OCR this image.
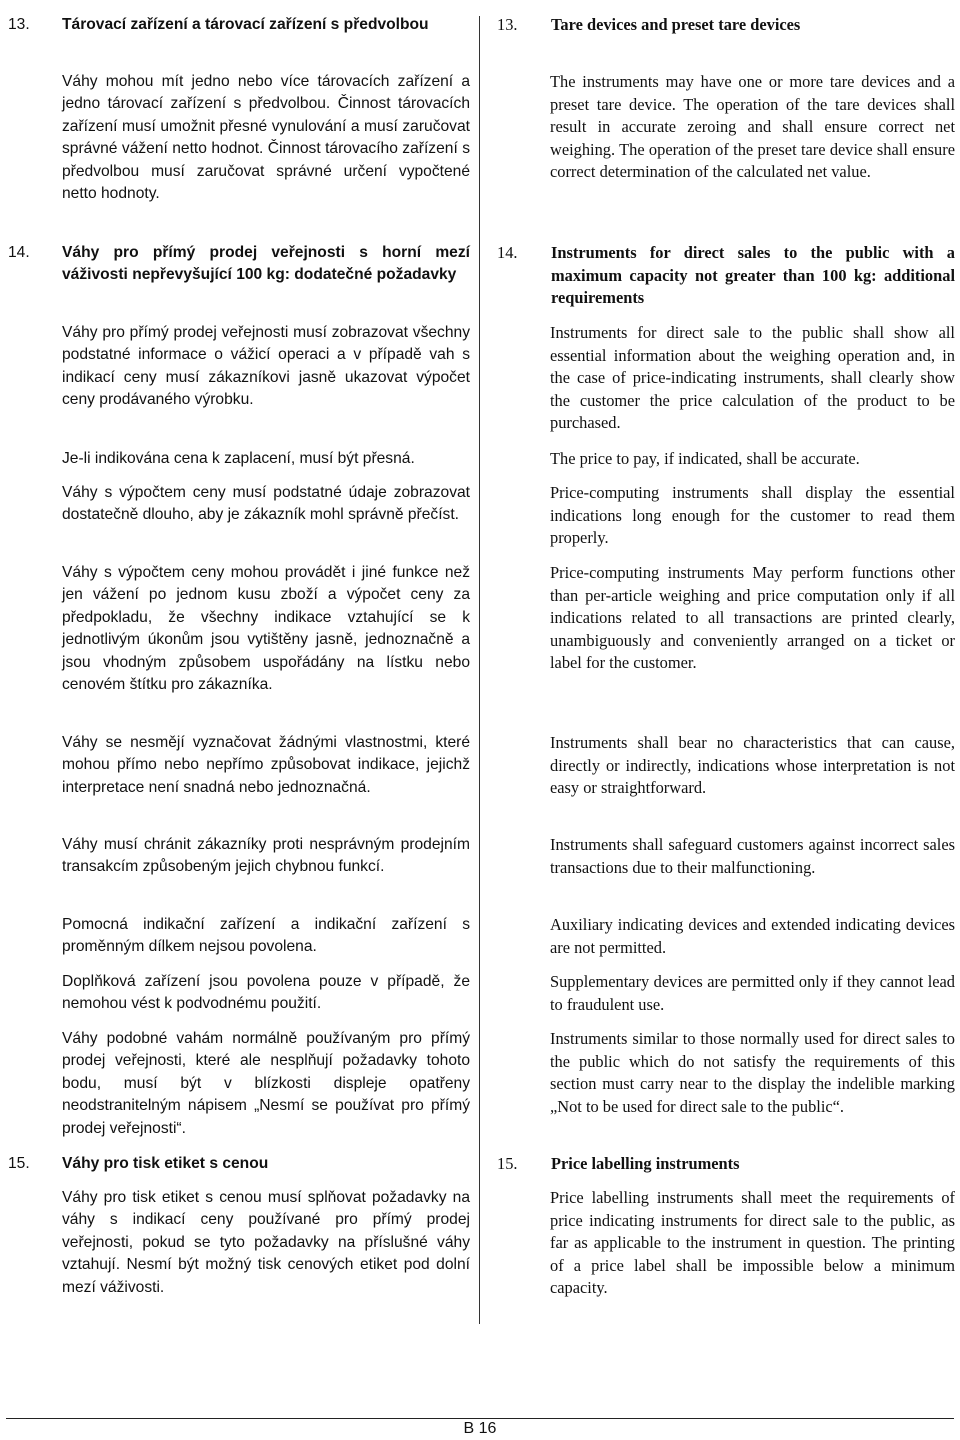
13.	Tárovací zařízení a tárovací zařízení s předvolbou

Váhy mohou mít jedno nebo více tárovacích zařízení a jedno tárovací zařízení s předvolbou. Činnost tárovacích zařízení musí umožnit přesné vynulování a musí zaručovat správné vážení netto hodnot. Činnost tárovacího zařízení s předvolbou musí zaručovat správné určení vypočtené netto hodnoty.

14.	Váhy pro přímý prodej veřejnosti s horní mezí váživosti nepřevyšující 100 kg: dodatečné požadavky

Váhy pro přímý prodej veřejnosti musí zobrazovat všechny podstatné informace o vážicí operaci a v případě vah s indikací ceny musí zákazníkovi jasně ukazovat výpočet ceny prodávaného výrobku.

Je-li indikována cena k zaplacení, musí být přesná.

Váhy s výpočtem ceny musí podstatné údaje zobrazovat dostatečně dlouho, aby je zákazník mohl správně přečíst.

Váhy s výpočtem ceny mohou provádět i jiné funkce než jen vážení po jednom kusu zboží a výpočet ceny za předpokladu, že všechny indikace vztahující se k jednotlivým úkonům jsou vytištěny jasně, jednoznačně a jsou vhodným způsobem uspořádány na lístku nebo cenovém štítku pro zákazníka.

Váhy se nesmějí vyznačovat žádnými vlastnostmi, které mohou přímo nebo nepřímo způsobovat indikace, jejichž interpretace není snadná nebo jednoznačná.

Váhy musí chránit zákazníky proti nesprávným prodejním transakcím způsobeným jejich chybnou funkcí.

Pomocná indikační zařízení a indikační zařízení s proměnným dílkem nejsou povolena.

Doplňková zařízení jsou povolena pouze v případě, že nemohou vést k podvodnému použití.

Váhy podobné vahám normálně používaným pro přímý prodej veřejnosti, které ale nesplňují požadavky tohoto bodu, musí být v blízkosti displeje opatřeny neodstranitelným nápisem „Nesmí se používat pro přímý prodej veřejnosti“.

15.	Váhy pro tisk etiket s cenou

Váhy pro tisk etiket s cenou musí splňovat požadavky na váhy s indikací ceny používané pro přímý prodej veřejnosti, pokud se tyto požadavky na příslušné váhy vztahují. Nesmí být možný tisk cenových etiket pod dolní mezí váživosti.

13.	Tare devices and preset tare devices

The instruments may have one or more tare devices and a preset tare device. The operation of the tare devices shall result in accurate zeroing and shall ensure correct net weighing. The operation of the preset tare device shall ensure correct determination of the calculated net value.

14.	Instruments for direct sales to the public with a maximum capacity not greater than 100 kg: additional requirements

Instruments for direct sale to the public shall show all essential information about the weighing operation and, in the case of price-indicating instruments, shall clearly show the customer the price calculation of the product to be purchased.

The price to pay, if indicated, shall be accurate.

Price-computing instruments shall display the essential indications long enough for the customer to read them properly.

Price-computing instruments May perform functions other than per-article weighing and price computation only if all indications related to all transactions are printed clearly, unambiguously and conveniently arranged on a ticket or label for the customer.

Instruments shall bear no characteristics that can cause, directly or indirectly, indications whose interpretation is not easy or straightforward.

Instruments shall safeguard customers against incorrect sales transactions due to their malfunctioning.

Auxiliary indicating devices and extended indicating devices are not permitted.

Supplementary devices are permitted only if they cannot lead to fraudulent use.

Instruments similar to those normally used for direct sales to the public which do not satisfy the requirements of this section must carry near to the display the indelible marking „Not to be used for direct sale to the public“.

15.	Price labelling instruments

Price labelling instruments shall meet the requirements of price indicating instruments for direct sale to the public, as far as applicable to the instrument in question. The printing of a price label shall be impossible below a minimum capacity.

B 16
